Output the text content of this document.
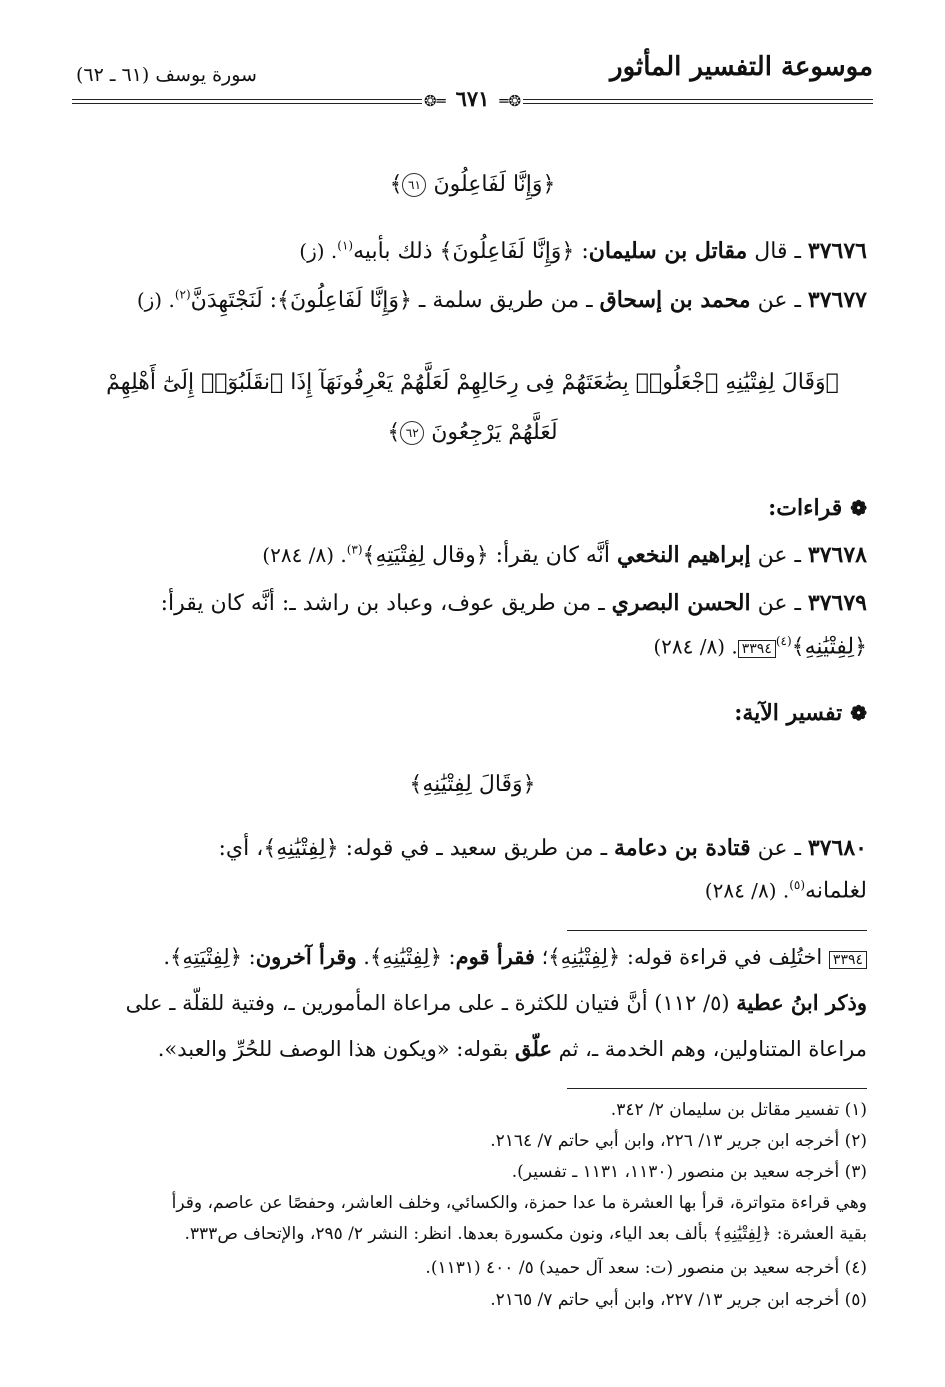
موسوعة التفسير المأثور
سورة يوسف (٦١ ـ ٦٢)
❂═٦٧١═❂
﴿وَإِنَّا لَفَاعِلُونَ ٦١﴾
٣٧٦٧٦ ـ قال مقاتل بن سليمان: ﴿وَإِنَّا لَفَاعِلُونَ﴾ ذلك بأبيه$^{(١)}$. (ز)
٣٧٦٧٧ ـ عن محمد بن إسحاق ـ من طريق سلمة ـ ﴿وَإِنَّا لَفَاعِلُونَ﴾: لَنَجْتَهِدَنَّ$^{(٢)}$. (ز)
﴿وَقَالَ لِفِتْيَٰنِهِ ٱجْعَلُوا۟ بِضَٰعَتَهُمْ فِى رِحَالِهِمْ لَعَلَّهُمْ يَعْرِفُونَهَآ إِذَا ٱنقَلَبُوٓا۟ إِلَىٰٓ أَهْلِهِمْ
لَعَلَّهُمْ يَرْجِعُونَ ٦٢﴾
❁قراءات:
٣٧٦٧٨ ـ عن إبراهيم النخعي أنَّه كان يقرأ: ﴿وقال لِفِتْيَتِهِ﴾$^{(٣)}$. (٨/ ٢٨٤)
٣٧٦٧٩ ـ عن الحسن البصري ـ من طريق عوف، وعباد بن راشد ـ: أنَّه كان يقرأ:
﴿لِفِتْيَٰنِهِ﴾$^{(٤)}$٣٣٩٤. (٨/ ٢٨٤)
❁تفسير الآية:
﴿وَقَالَ لِفِتْيَٰنِهِ﴾
٣٧٦٨٠ ـ عن قتادة بن دعامة ـ من طريق سعيد ـ في قوله: ﴿لِفِتْيَٰنِهِ﴾، أي:
لغلمانه$^{(٥)}$. (٨/ ٢٨٤)
٣٣٩٤ اختُلِف في قراءة قوله: ﴿لِفِتْيَٰنِهِ﴾؛ فقرأ قوم: ﴿لِفِتْيَٰنِهِ﴾. وقرأ آخرون: ﴿لِفِتْيَتِهِ﴾.
وذكر ابنُ عطية (٥/ ١١٢) أنَّ فتيان للكثرة ـ على مراعاة المأمورين ـ، وفتية للقلّة ـ على
مراعاة المتناولين، وهم الخدمة ـ، ثم علّق بقوله: «ويكون هذا الوصف للحُرِّ والعبد».
(١) تفسير مقاتل بن سليمان ٢/ ٣٤٢.
(٢) أخرجه ابن جرير ١٣/ ٢٢٦، وابن أبي حاتم ٧/ ٢١٦٤.
(٣) أخرجه سعيد بن منصور (١١٣٠، ١١٣١ ـ تفسير).
وهي قراءة متواترة، قرأ بها العشرة ما عدا حمزة، والكسائي، وخلف العاشر، وحفصًا عن عاصم، وقرأ
بقية العشرة: ﴿لِفِتْيَٰنِهِ﴾ بألف بعد الياء، ونون مكسورة بعدها. انظر: النشر ٢/ ٢٩٥، والإتحاف ص٣٣٣.
(٤) أخرجه سعيد بن منصور (ت: سعد آل حميد) ٥/ ٤٠٠ (١١٣١).
(٥) أخرجه ابن جرير ١٣/ ٢٢٧، وابن أبي حاتم ٧/ ٢١٦٥.
